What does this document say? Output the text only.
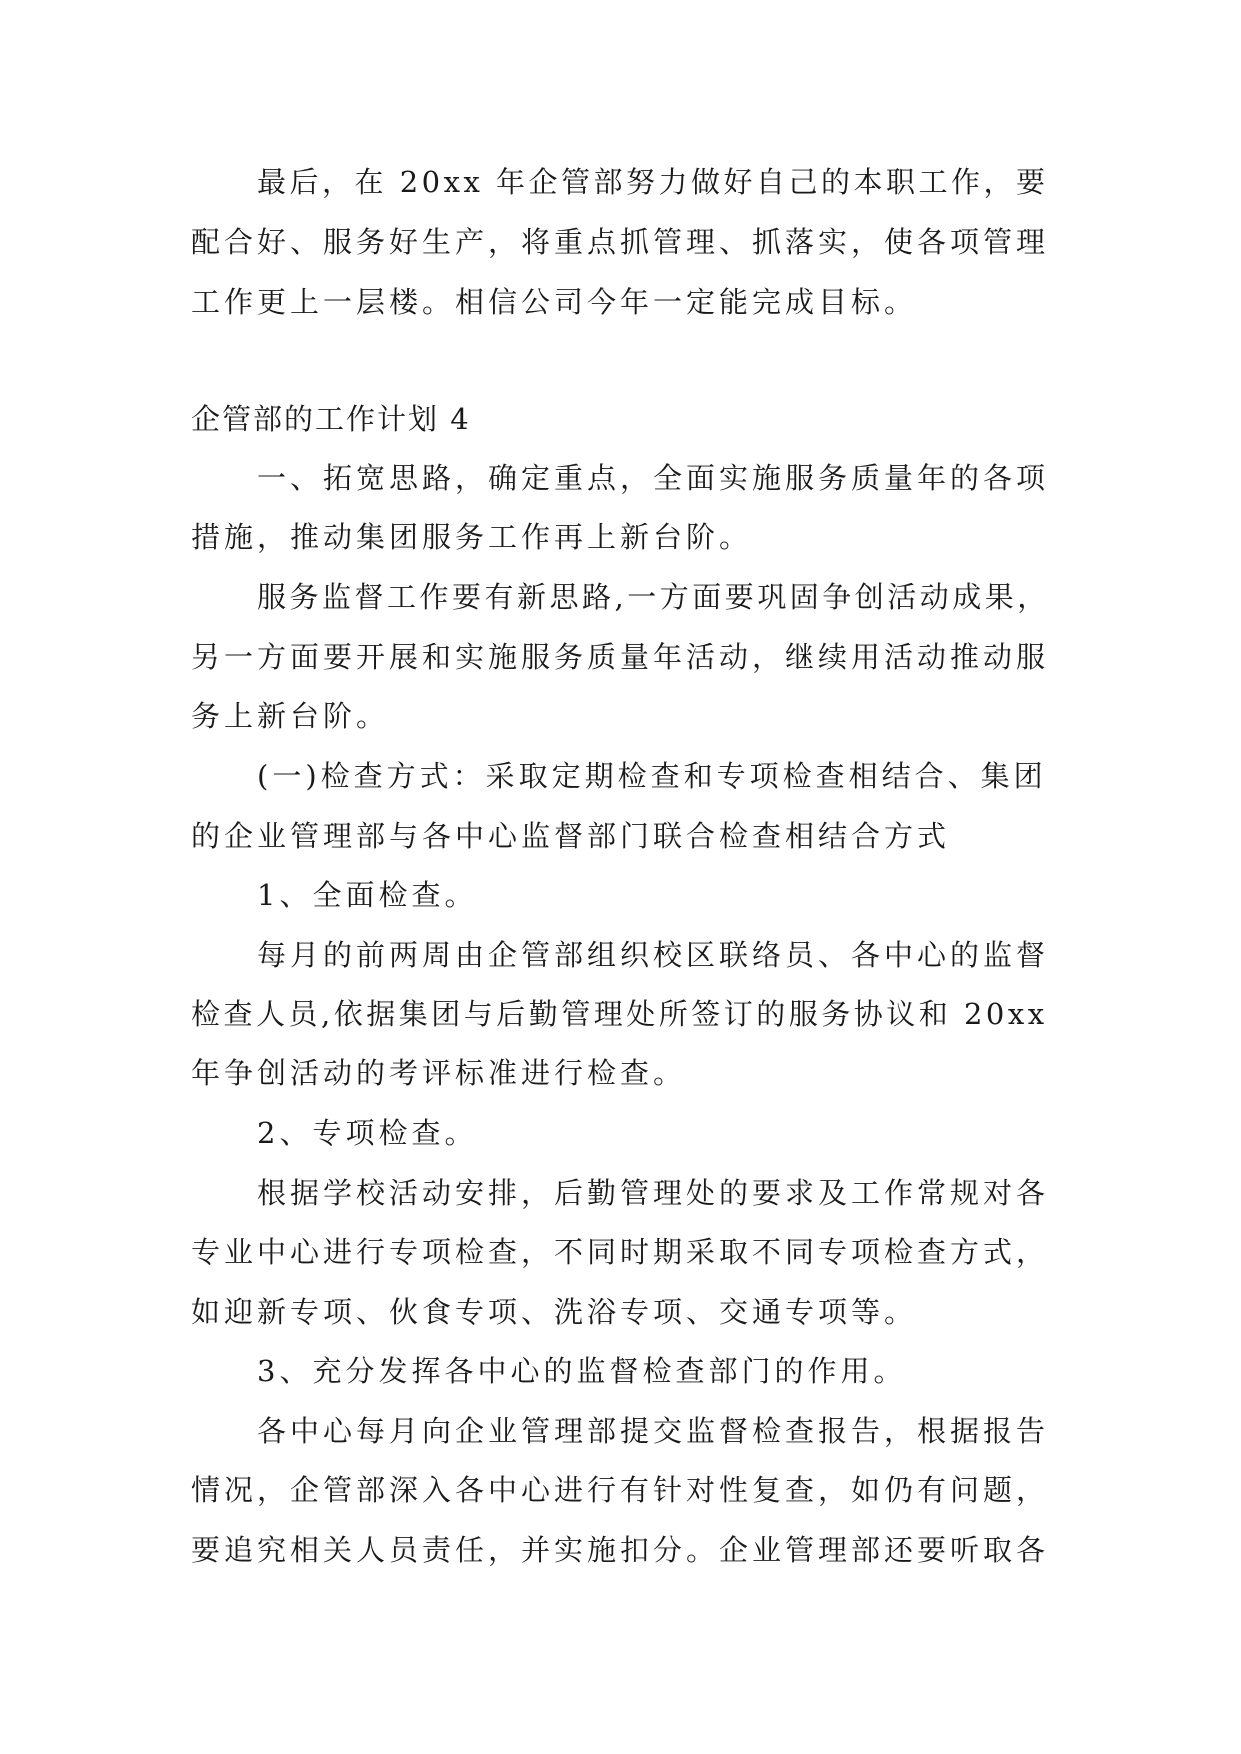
最后，在 20xx 年企管部努力做好自己的本职工作，要

配合好、服务好生产，将重点抓管理、抓落实，使各项管理

工作更上一层楼。相信公司今年一定能完成目标。

企管部的工作计划 4

一、拓宽思路，确定重点，全面实施服务质量年的各项

措施，推动集团服务工作再上新台阶。

服务监督工作要有新思路,一方面要巩固争创活动成果，

另一方面要开展和实施服务质量年活动，继续用活动推动服

务上新台阶。

(一)检查方式：采取定期检查和专项检查相结合、集团

的企业管理部与各中心监督部门联合检查相结合方式

1、全面检查。

每月的前两周由企管部组织校区联络员、各中心的监督

检查人员,依据集团与后勤管理处所签订的服务协议和 20xx

年争创活动的考评标准进行检查。

2、专项检查。

根据学校活动安排，后勤管理处的要求及工作常规对各

专业中心进行专项检查，不同时期采取不同专项检查方式，

如迎新专项、伙食专项、洗浴专项、交通专项等。

3、充分发挥各中心的监督检查部门的作用。

各中心每月向企业管理部提交监督检查报告，根据报告

情况，企管部深入各中心进行有针对性复查，如仍有问题，

要追究相关人员责任，并实施扣分。企业管理部还要听取各
